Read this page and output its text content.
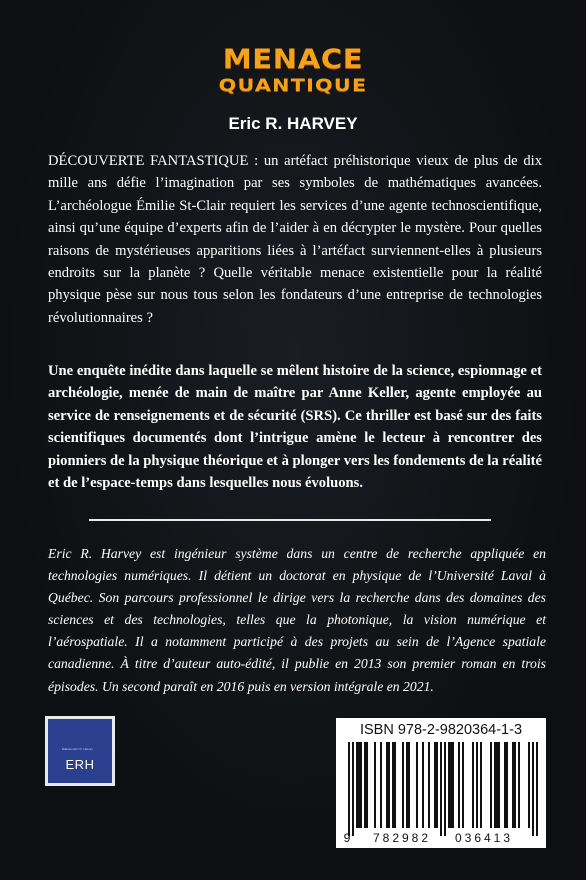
MENACE
QUANTIQUE
Eric R. HARVEY

DÉCOUVERTE FANTASTIQUE : un artéfact préhistorique vieux de plus de dix mille ans défie l’imagination par ses symboles de mathématiques avancées. L’archéologue Émilie St-Clair requiert les services d’une agente technoscientifique, ainsi qu’une équipe d’experts afin de l’aider à en décrypter le mystère. Pour quelles raisons de mystérieuses apparitions liées à l’artéfact surviennent-elles à plusieurs endroits sur la planète ? Quelle véritable menace existentielle pour la réalité physique pèse sur nous tous selon les fondateurs d’une entreprise de technologies révolutionnaires ?

Une enquête inédite dans laquelle se mêlent histoire de la science, espionnage et archéologie, menée de main de maître par Anne Keller, agente employée au service de renseignements et de sécurité (SRS). Ce thriller est basé sur des faits scientifiques documentés dont l’intrigue amène le lecteur à rencontrer des pionniers de la physique théorique et à plonger vers les fondements de la réalité et de l’espace-temps dans lesquelles nous évoluons.

Eric R. Harvey est ingénieur système dans un centre de recherche appliquée en technologies numériques. Il détient un doctorat en physique de l’Université Laval à Québec. Son parcours professionnel le dirige vers la recherche dans des domaines des sciences et des technologies, telles que la photonique, la vision numérique et l’aérospatiale. Il a notamment participé à des projets au sein de l’Agence spatiale canadienne. À titre d’auteur auto-édité, il publie en 2013 son premier roman en trois épisodes. Un second paraît en 2016 puis en version intégrale en 2021.

Éditions Eric R. Harvey
ERH
ISBN 978-2-9820364-1-3
9 782982 036413
